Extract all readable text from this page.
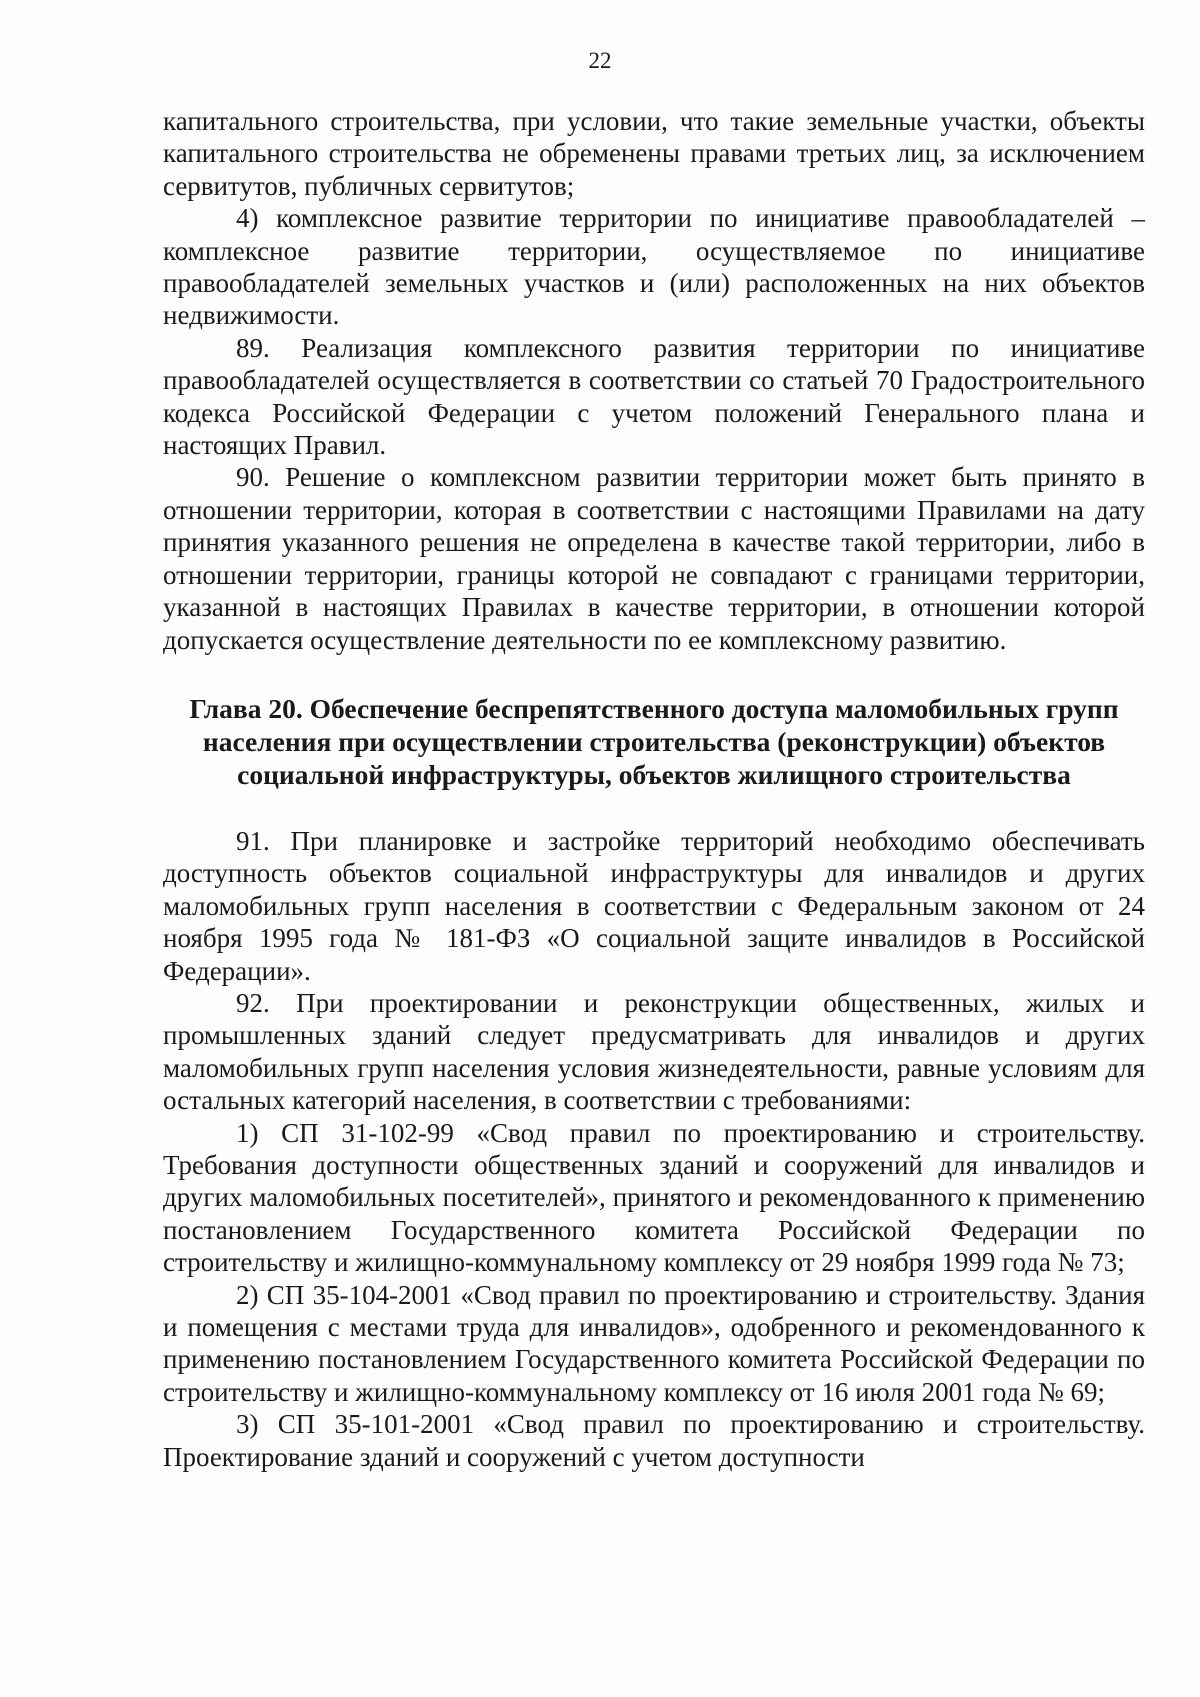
22

капитального строительства, при условии, что такие земельные участки, объекты капитального строительства не обременены правами третьих лиц, за исключением сервитутов, публичных сервитутов;

4) комплексное развитие территории по инициативе правообладателей – комплексное развитие территории, осуществляемое по инициативе правообладателей земельных участков и (или) расположенных на них объектов недвижимости.

89. Реализация комплексного развития территории по инициативе правообладателей осуществляется в соответствии со статьей 70 Градостроительного кодекса Российской Федерации с учетом положений Генерального плана и настоящих Правил.

90. Решение о комплексном развитии территории может быть принято в отношении территории, которая в соответствии с настоящими Правилами на дату принятия указанного решения не определена в качестве такой территории, либо в отношении территории, границы которой не совпадают с границами территории, указанной в настоящих Правилах в качестве территории, в отношении которой допускается осуществление деятельности по ее комплексному развитию.

Глава 20. Обеспечение беспрепятственного доступа маломобильных групп
населения при осуществлении строительства (реконструкции) объектов
социальной инфраструктуры, объектов жилищного строительства

91. При планировке и застройке территорий необходимо обеспечивать доступность объектов социальной инфраструктуры для инвалидов и других маломобильных групп населения в соответствии с Федеральным законом от 24 ноября 1995 года № 181-ФЗ «О социальной защите инвалидов в Российской Федерации».

92. При проектировании и реконструкции общественных, жилых и промышленных зданий следует предусматривать для инвалидов и других маломобильных групп населения условия жизнедеятельности, равные условиям для остальных категорий населения, в соответствии с требованиями:

1) СП 31-102-99 «Свод правил по проектированию и строительству. Требования доступности общественных зданий и сооружений для инвалидов и других маломобильных посетителей», принятого и рекомендованного к применению постановлением Государственного комитета Российской Федерации по строительству и жилищно-коммунальному комплексу от 29 ноября 1999 года № 73;

2) СП 35-104-2001 «Свод правил по проектированию и строительству. Здания и помещения с местами труда для инвалидов», одобренного и рекомендованного к применению постановлением Государственного комитета Российской Федерации по строительству и жилищно-коммунальному комплексу от 16 июля 2001 года № 69;

3) СП 35-101-2001 «Свод правил по проектированию и строительству. Проектирование зданий и сооружений с учетом доступности
